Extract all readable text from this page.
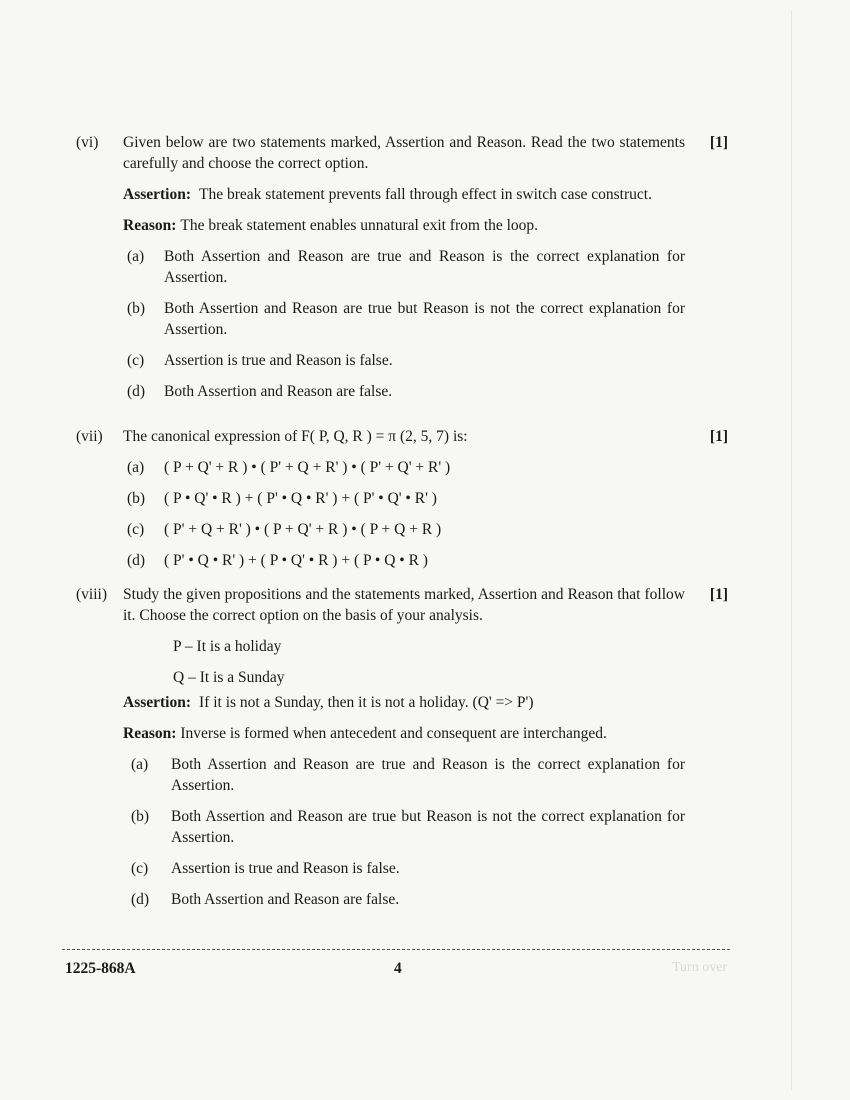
(vi)	[1]

Given below are two statements marked, Assertion and Reason. Read the two statements carefully and choose the correct option.

Assertion: The break statement prevents fall through effect in switch case construct.
Reason: The break statement enables unnatural exit from the loop.
(a)	Both Assertion and Reason are true and Reason is the correct explanation for Assertion.
(b)	Both Assertion and Reason are true but Reason is not the correct explanation for Assertion.
(c)	Assertion is true and Reason is false.
(d)	Both Assertion and Reason are false.
(vii)	[1]

The canonical expression of F( P, Q, R ) = π (2, 5, 7) is:

(a)	( P + Q' + R ) • ( P' + Q + R' ) • ( P' + Q' + R' )
(b)	( P • Q' • R ) + ( P' • Q • R' ) + ( P' • Q' • R' )
(c)	( P' + Q + R' ) • ( P + Q' + R ) • ( P + Q + R )
(d)	( P' • Q • R' ) + ( P • Q' • R ) + ( P • Q • R )
(viii)	[1]

Study the given propositions and the statements marked, Assertion and Reason that follow it. Choose the correct option on the basis of your analysis.

P – It is a holiday
Q – It is a Sunday
Assertion: If it is not a Sunday, then it is not a holiday. (Q' => P')
Reason: Inverse is formed when antecedent and consequent are interchanged.
(a)	Both Assertion and Reason are true and Reason is the correct explanation for Assertion.
(b)	Both Assertion and Reason are true but Reason is not the correct explanation for Assertion.
(c)	Assertion is true and Reason is false.
(d)	Both Assertion and Reason are false.
1225-868A	4	Turn over
